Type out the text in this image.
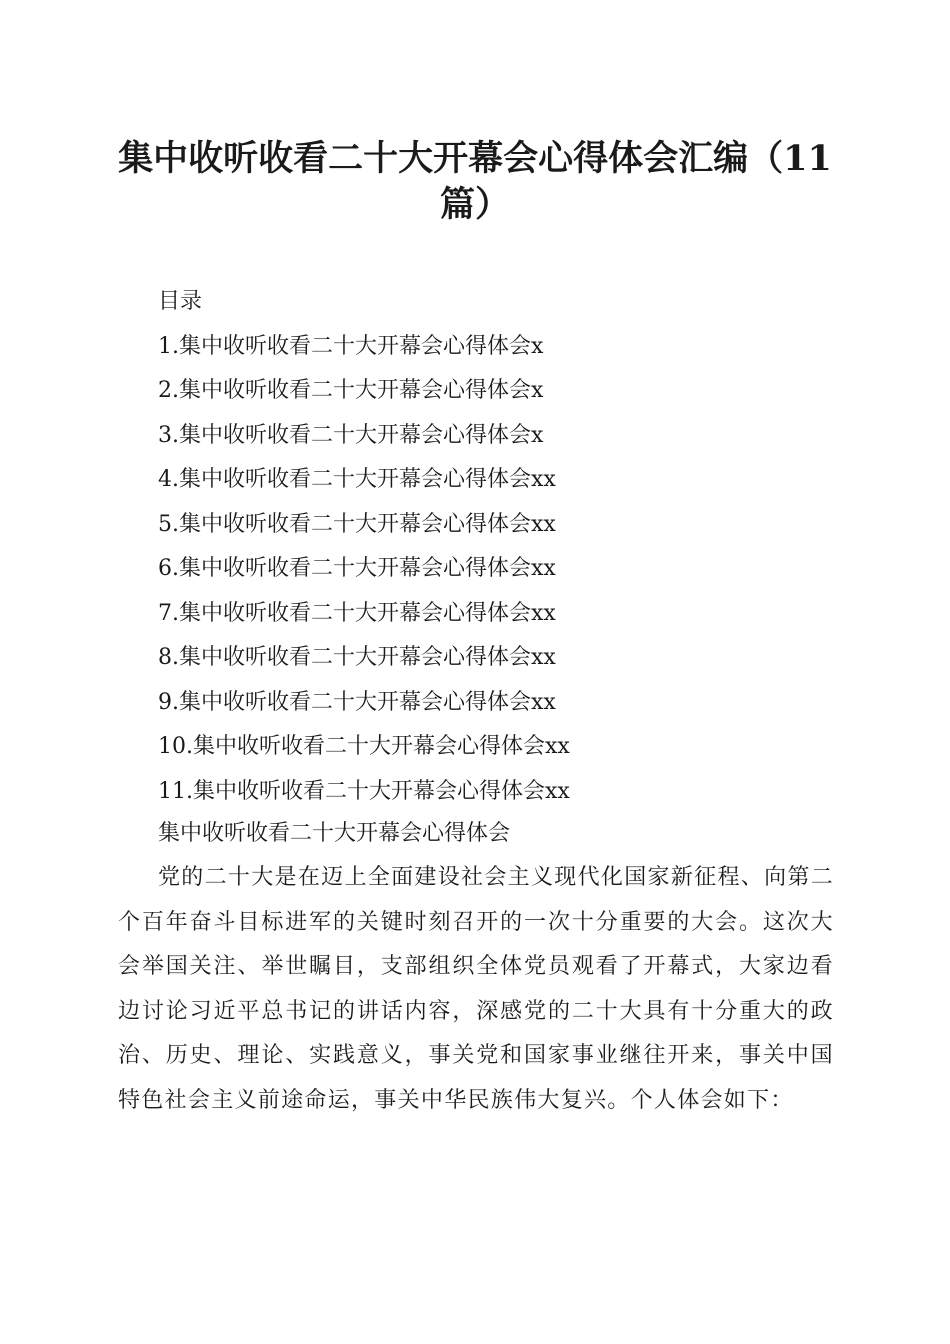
集中收听收看二十大开幕会心得体会汇编（11篇）

目录

1.集中收听收看二十大开幕会心得体会x
2.集中收听收看二十大开幕会心得体会x
3.集中收听收看二十大开幕会心得体会x
4.集中收听收看二十大开幕会心得体会xx
5.集中收听收看二十大开幕会心得体会xx
6.集中收听收看二十大开幕会心得体会xx
7.集中收听收看二十大开幕会心得体会xx
8.集中收听收看二十大开幕会心得体会xx
9.集中收听收看二十大开幕会心得体会xx
10.集中收听收看二十大开幕会心得体会xx
11.集中收听收看二十大开幕会心得体会xx

集中收听收看二十大开幕会心得体会

党的二十大是在迈上全面建设社会主义现代化国家新征程、向第二个百年奋斗目标进军的关键时刻召开的一次十分重要的大会。这次大会举国关注、举世瞩目，支部组织全体党员观看了开幕式，大家边看边讨论习近平总书记的讲话内容，深感党的二十大具有十分重大的政治、历史、理论、实践意义，事关党和国家事业继往开来，事关中国特色社会主义前途命运，事关中华民族伟大复兴。个人体会如下：
